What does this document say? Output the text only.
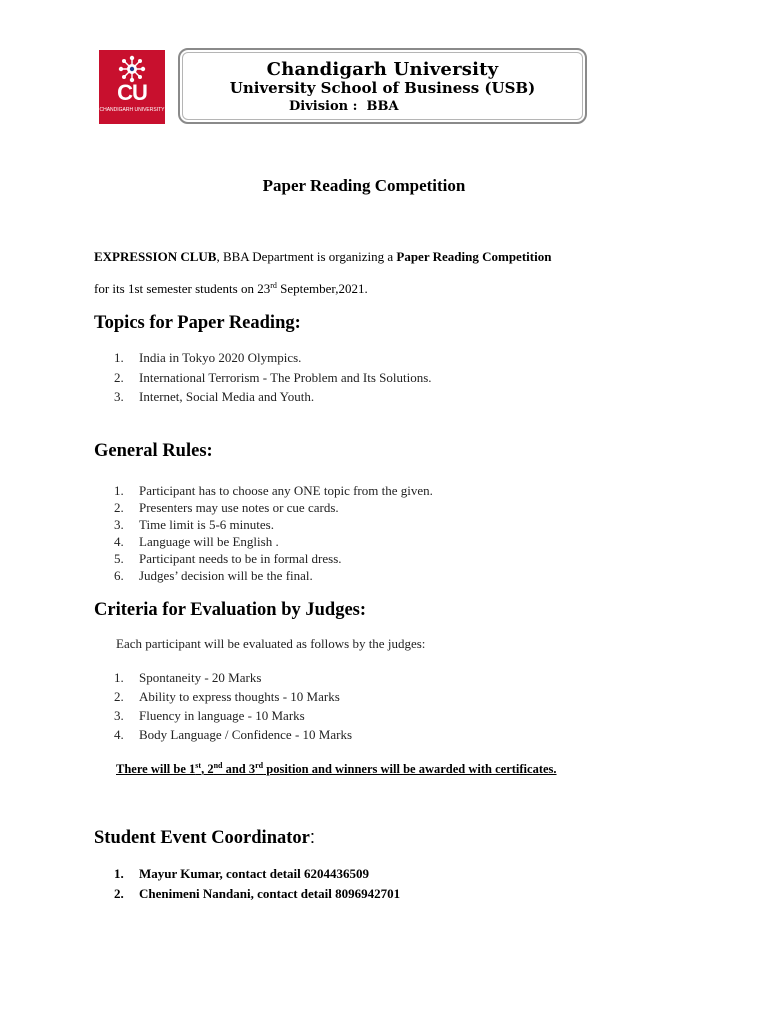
CU
CHANDIGARH UNIVERSITY
Chandigarh University
University School of Business (USB)
Division : BBA
Paper Reading Competition
EXPRESSION CLUB, BBA Department is organizing a Paper Reading Competition
for its 1st semester students on 23rd September,2021.
Topics for Paper Reading:
1. India in Tokyo 2020 Olympics.
2. International Terrorism - The Problem and Its Solutions.
3. Internet, Social Media and Youth.
General Rules:
1. Participant has to choose any ONE topic from the given.
2. Presenters may use notes or cue cards.
3. Time limit is 5-6 minutes.
4. Language will be English .
5. Participant needs to be in formal dress.
6. Judges’ decision will be the final.
Criteria for Evaluation by Judges:
Each participant will be evaluated as follows by the judges:
1. Spontaneity - 20 Marks
2. Ability to express thoughts - 10 Marks
3. Fluency in language - 10 Marks
4. Body Language / Confidence - 10 Marks
There will be 1st, 2nd and 3rd position and winners will be awarded with certificates.
Student Event Coordinator:
1. Mayur Kumar, contact detail 6204436509
2. Chenimeni Nandani, contact detail 8096942701
